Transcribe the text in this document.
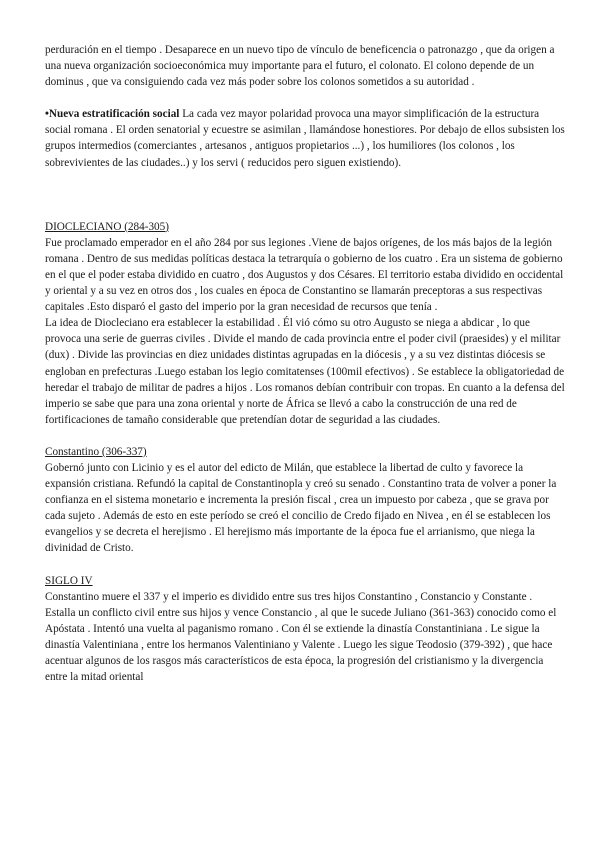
perduración en el tiempo . Desaparece en un nuevo tipo de vínculo de beneficencia o patronazgo , que da origen a una nueva organización socioeconómica muy importante para el futuro, el colonato. El colono depende de un dominus , que va consiguiendo cada vez más poder sobre los colonos sometidos a su autoridad .

•Nueva estratificación social La cada vez mayor polaridad provoca una mayor simplificación de la estructura social romana . El orden senatorial y ecuestre se asimilan , llamándose honestiores. Por debajo de ellos subsisten los grupos intermedios (comerciantes , artesanos , antiguos propietarios ...) , los humiliores (los colonos , los sobrevivientes de las ciudades..) y los servi ( reducidos pero siguen existiendo).

DIOCLECIANO (284-305)

Fue proclamado emperador en el año 284 por sus legiones .Viene de bajos orígenes, de los más bajos de la legión romana . Dentro de sus medidas políticas destaca la tetrarquía o gobierno de los cuatro . Era un sistema de gobierno en el que el poder estaba dividido en cuatro , dos Augustos y dos Césares. El territorio estaba dividido en occidental y oriental y a su vez en otros dos , los cuales en época de Constantino se llamarán preceptoras a sus respectivas capitales .Esto disparó el gasto del imperio por la gran necesidad de recursos que tenía .

La idea de Diocleciano era establecer la estabilidad . Él vió cómo su otro Augusto se niega a abdicar , lo que provoca una serie de guerras civiles . Divide el mando de cada provincia entre el poder civil (praesides) y el militar (dux) . Divide las provincias en diez unidades distintas agrupadas en la diócesis , y a su vez distintas diócesis se engloban en prefecturas .Luego estaban los legio comitatenses (100mil efectivos) . Se establece la obligatoriedad de heredar el trabajo de militar de padres a hijos . Los romanos debían contribuir con tropas. En cuanto a la defensa del imperio se sabe que para una zona oriental y norte de África se llevó a cabo la construcción de una red de fortificaciones de tamaño considerable que pretendían dotar de seguridad a las ciudades.

Constantino (306-337)

Gobernó junto con Licinio y es el autor del edicto de Milán, que establece la libertad de culto y favorece la expansión cristiana. Refundó la capital de Constantinopla y creó su senado . Constantino trata de volver a poner la confianza en el sistema monetario e incrementa la presión fiscal , crea un impuesto por cabeza , que se grava por cada sujeto . Además de esto en este período se creó el concilio de Credo fijado en Nivea , en él se establecen los evangelios y se decreta el herejismo . El herejismo más importante de la época fue el arrianismo, que niega la divinidad de Cristo.

SIGLO IV

Constantino muere el 337 y el imperio es dividido entre sus tres hijos Constantino , Constancio y Constante .

Estalla un conflicto civil entre sus hijos y vence Constancio , al que le sucede Juliano (361-363) conocido como el Apóstata . Intentó una vuelta al paganismo romano . Con él se extiende la dinastía Constantiniana . Le sigue la dinastía Valentiniana , entre los hermanos Valentiniano y Valente . Luego les sigue Teodosio (379-392) , que hace acentuar algunos de los rasgos más característicos de esta época, la progresión del cristianismo y la divergencia entre la mitad oriental
